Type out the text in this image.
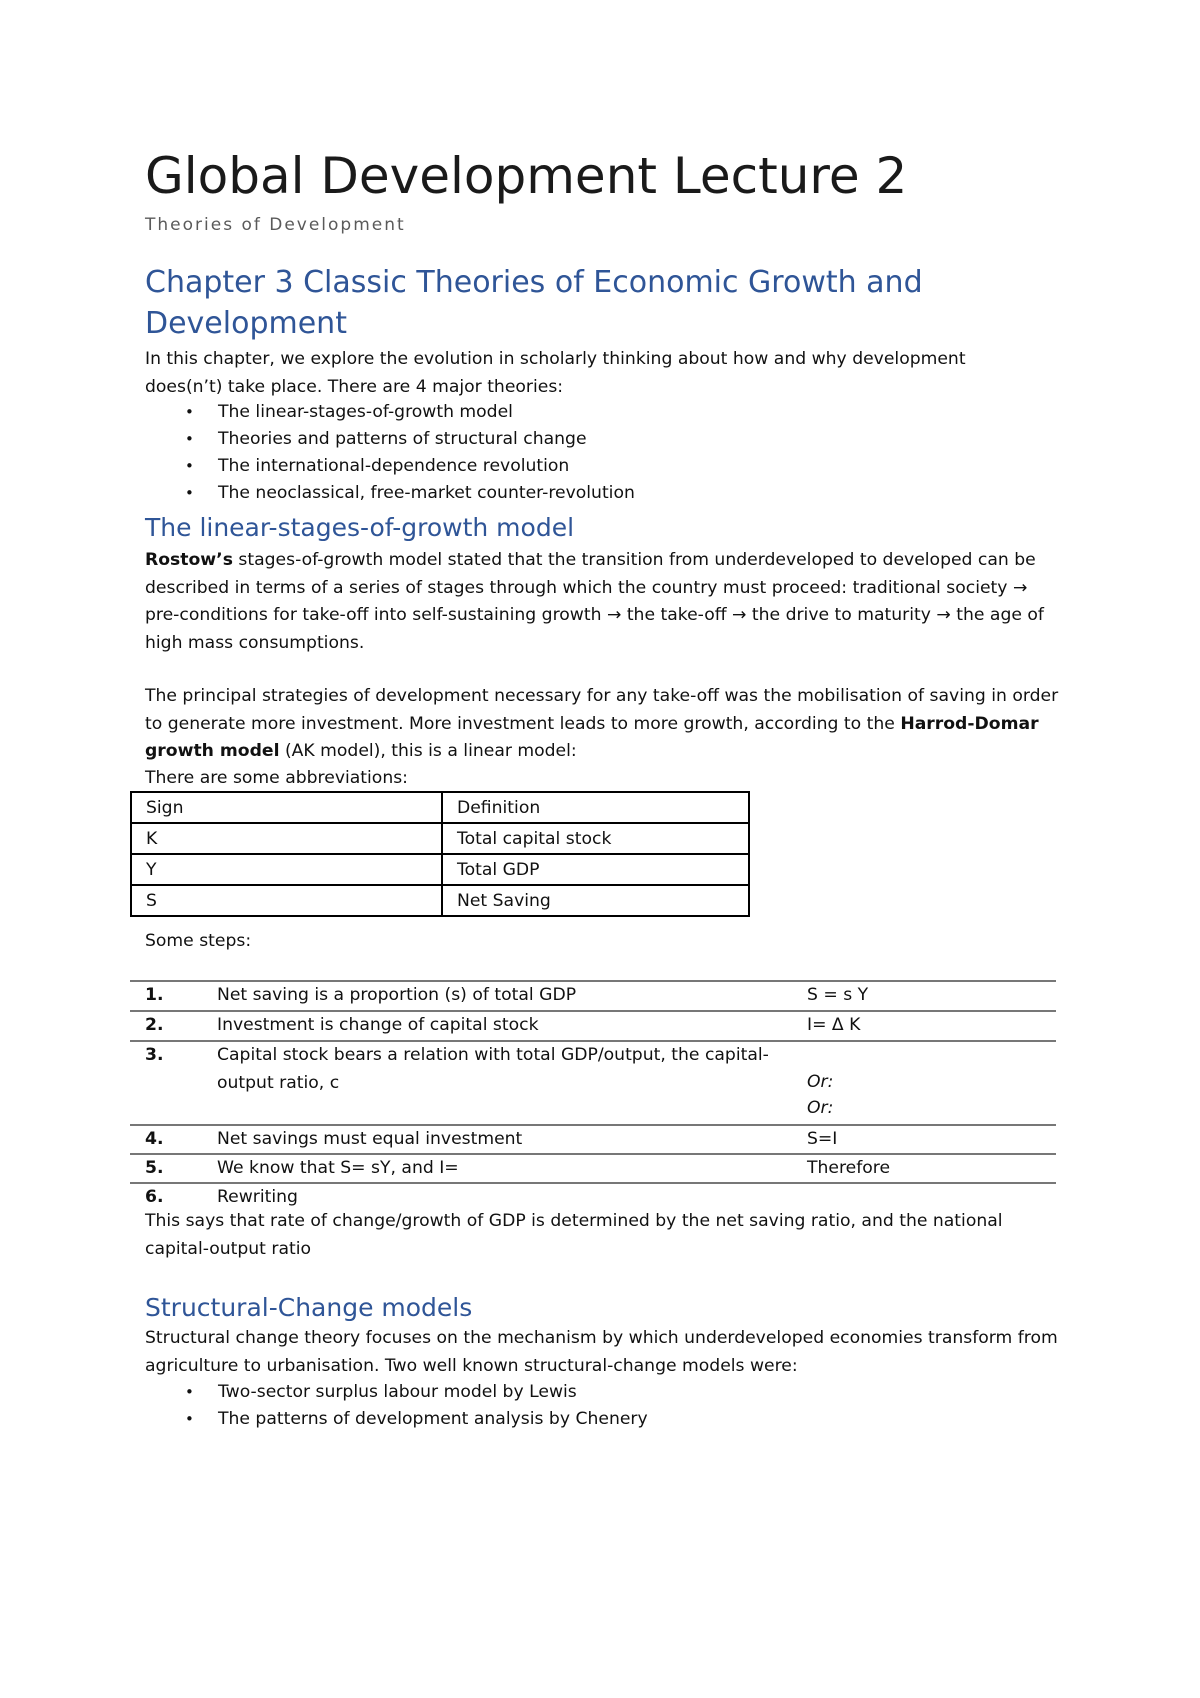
Global Development Lecture 2
Theories of Development
Chapter 3 Classic Theories of Economic Growth and Development
In this chapter, we explore the evolution in scholarly thinking about how and why development does(n’t) take place. There are 4 major theories:
• The linear-stages-of-growth model
• Theories and patterns of structural change
• The international-dependence revolution
• The neoclassical, free-market counter-revolution
The linear-stages-of-growth model
Rostow’s stages-of-growth model stated that the transition from underdeveloped to developed can be described in terms of a series of stages through which the country must proceed: traditional society → pre-conditions for take-off into self-sustaining growth → the take-off → the drive to maturity → the age of high mass consumptions.
The principal strategies of development necessary for any take-off was the mobilisation of saving in order to generate more investment. More investment leads to more growth, according to the Harrod-Domar growth model (AK model), this is a linear model:
There are some abbreviations:
Sign	Definition
K	Total capital stock
Y	Total GDP
S	Net Saving
Some steps:
1.	Net saving is a proportion (s) of total GDP	S = s Y
2.	Investment is change of capital stock	I= Δ K
3.	Capital stock bears a relation with total GDP/output, the capital-output ratio, c	Or:
Or:
4.	Net savings must equal investment	S=I
5.	We know that S= sY, and I=	Therefore
6.	Rewriting
This says that rate of change/growth of GDP is determined by the net saving ratio, and the national capital-output ratio
Structural-Change models
Structural change theory focuses on the mechanism by which underdeveloped economies transform from agriculture to urbanisation. Two well known structural-change models were:
• Two-sector surplus labour model by Lewis
• The patterns of development analysis by Chenery
